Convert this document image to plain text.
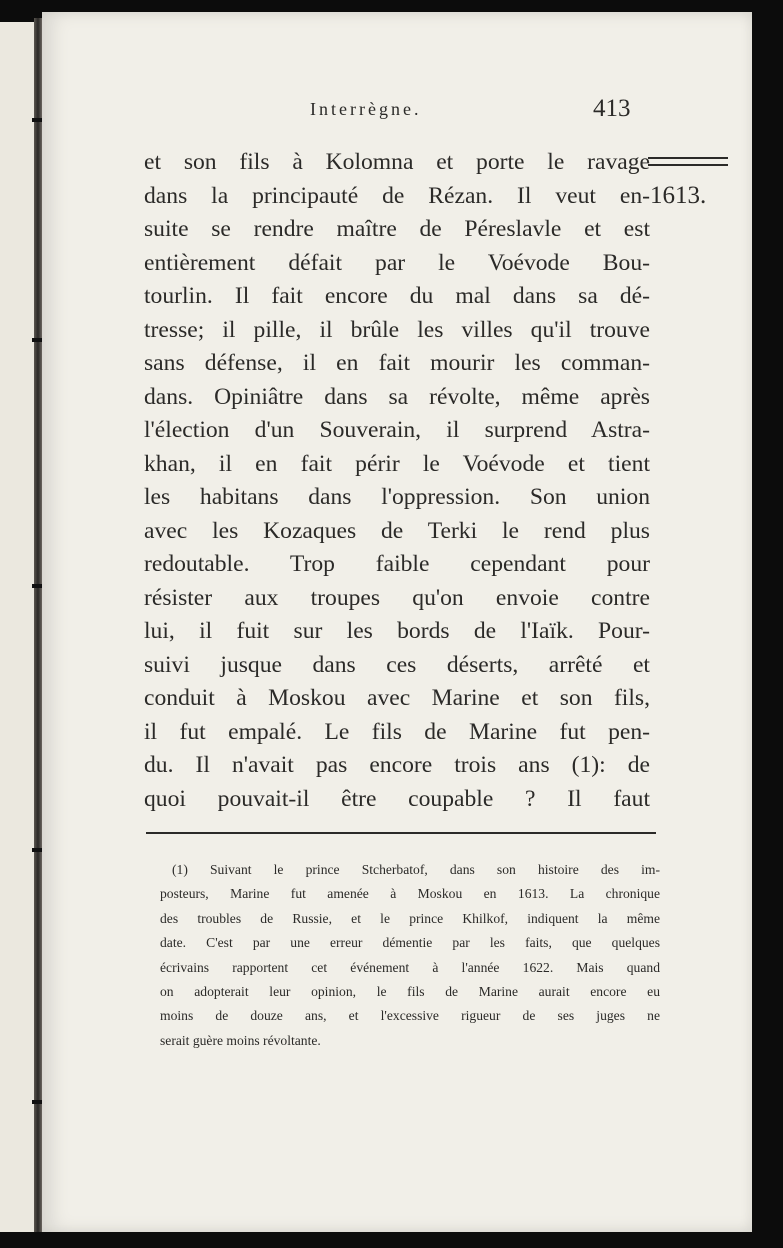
Interrègne.	413
1613.
et son fils à Kolomna et porte le ravage
dans la principauté de Rézan. Il veut en-
suite se rendre maître de Péreslavle et est
entièrement défait par le Voévode Bou-
tourlin. Il fait encore du mal dans sa dé-
tresse; il pille, il brûle les villes qu'il trouve
sans défense, il en fait mourir les comman-
dans. Opiniâtre dans sa révolte, même après
l'élection d'un Souverain, il surprend Astra-
khan, il en fait périr le Voévode et tient
les habitans dans l'oppression. Son union
avec les Kozaques de Terki le rend plus
redoutable. Trop faible cependant pour
résister aux troupes qu'on envoie contre
lui, il fuit sur les bords de l'Iaïk. Pour-
suivi jusque dans ces déserts, arrêté et
conduit à Moskou avec Marine et son fils,
il fut empalé. Le fils de Marine fut pen-
du. Il n'avait pas encore trois ans (1): de
quoi pouvait-il être coupable ? Il faut
(1) Suivant le prince Stcherbatof, dans son histoire des im-
posteurs, Marine fut amenée à Moskou en 1613. La chronique
des troubles de Russie, et le prince Khilkof, indiquent la même
date. C'est par une erreur démentie par les faits, que quelques
écrivains rapportent cet événement à l'année 1622. Mais quand
on adopterait leur opinion, le fils de Marine aurait encore eu
moins de douze ans, et l'excessive rigueur de ses juges ne
serait guère moins révoltante.
